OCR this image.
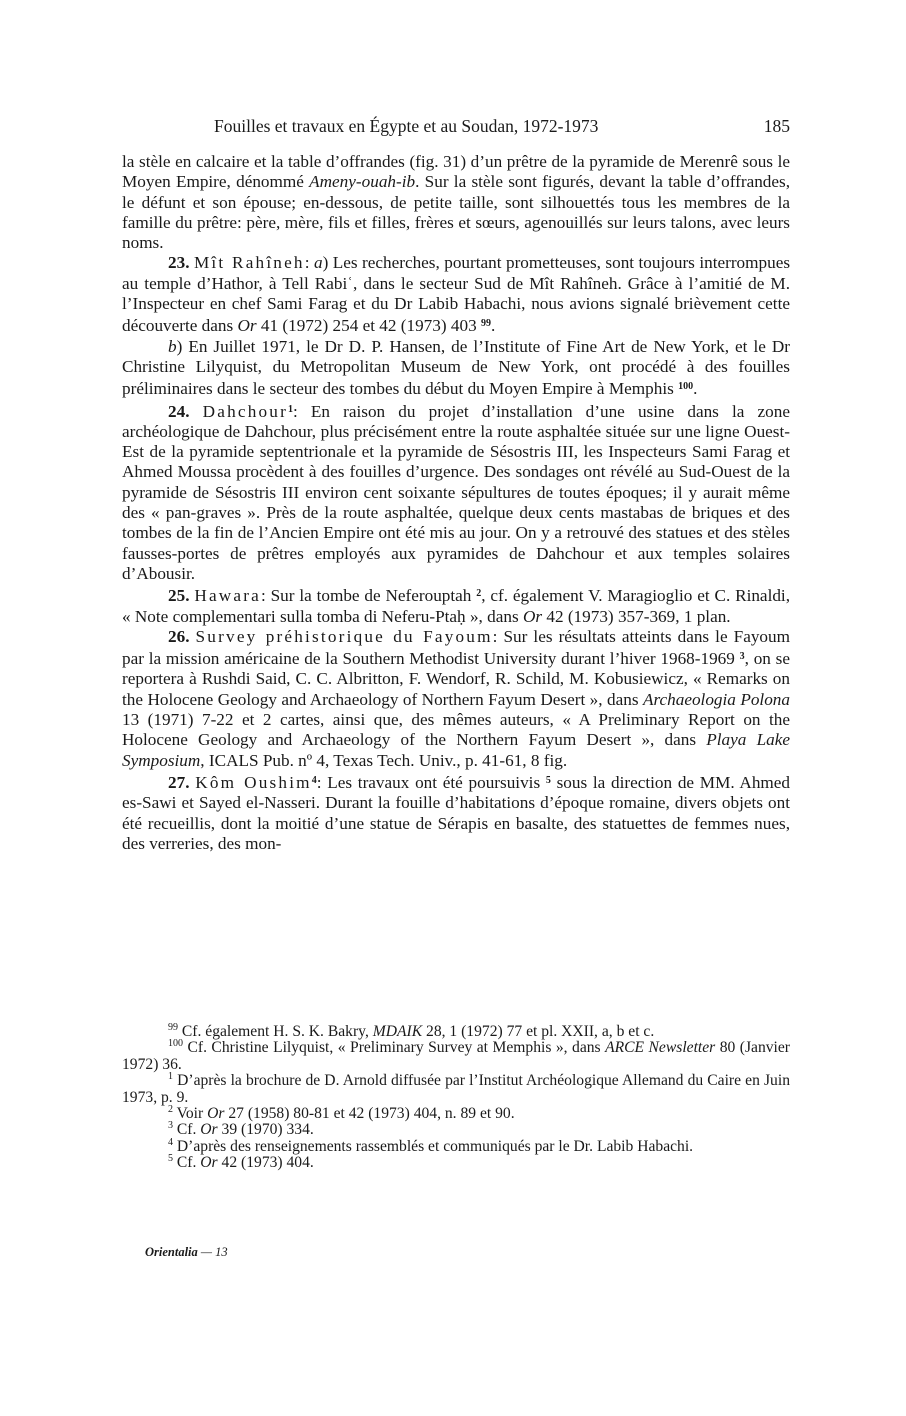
Fouilles et travaux en Égypte et au Soudan, 1972-1973	185

la stèle en calcaire et la table d’offrandes (fig. 31) d’un prêtre de la pyramide de Merenrê sous le Moyen Empire, dénommé Ameny-ouah-ib. Sur la stèle sont figurés, devant la table d’offrandes, le défunt et son épouse; en-dessous, de petite taille, sont silhouettés tous les membres de la famille du prêtre: père, mère, fils et filles, frères et sœurs, agenouillés sur leurs talons, avec leurs noms.

23. Mît Rahîneh: a) Les recherches, pourtant prometteuses, sont toujours interrompues au temple d’Hathor, à Tell Rabiʿ, dans le secteur Sud de Mît Rahîneh. Grâce à l’amitié de M. l’Inspecteur en chef Sami Farag et du Dr Labib Habachi, nous avions signalé brièvement cette découverte dans Or 41 (1972) 254 et 42 (1973) 403 $^{99}$.

b) En Juillet 1971, le Dr D. P. Hansen, de l’Institute of Fine Art de New York, et le Dr Christine Lilyquist, du Metropolitan Museum de New York, ont procédé à des fouilles préliminaires dans le secteur des tombes du début du Moyen Empire à Memphis $^{100}$.

24. Dahchour$^1$: En raison du projet d’installation d’une usine dans la zone archéologique de Dahchour, plus précisément entre la route asphaltée située sur une ligne Ouest-Est de la pyramide septentrionale et la pyramide de Sésostris III, les Inspecteurs Sami Farag et Ahmed Moussa procèdent à des fouilles d’urgence. Des sondages ont révélé au Sud-Ouest de la pyramide de Sésostris III environ cent soixante sépultures de toutes époques; il y aurait même des « pan-graves ». Près de la route asphaltée, quelque deux cents mastabas de briques et des tombes de la fin de l’Ancien Empire ont été mis au jour. On y a retrouvé des statues et des stèles fausses-portes de prêtres employés aux pyramides de Dahchour et aux temples solaires d’Abousir.

25. Hawara: Sur la tombe de Neferouptah $^2$, cf. également V. Maragioglio et C. Rinaldi, « Note complementari sulla tomba di Neferu-Ptaḥ », dans Or 42 (1973) 357-369, 1 plan.

26. Survey préhistorique du Fayoum: Sur les résultats atteints dans le Fayoum par la mission américaine de la Southern Methodist University durant l’hiver 1968-1969 $^3$, on se reportera à Rushdi Said, C. C. Albritton, F. Wendorf, R. Schild, M. Kobusiewicz, « Remarks on the Holocene Geology and Archaeology of Northern Fayum Desert », dans Archaeologia Polona 13 (1971) 7-22 et 2 cartes, ainsi que, des mêmes auteurs, « A Preliminary Report on the Holocene Geology and Archaeology of the Northern Fayum Desert », dans Playa Lake Symposium, ICALS Pub. nº 4, Texas Tech. Univ., p. 41-61, 8 fig.

27. Kôm Oushim$^4$: Les travaux ont été poursuivis $^5$ sous la direction de MM. Ahmed es-Sawi et Sayed el-Nasseri. Durant la fouille d’habitations d’époque romaine, divers objets ont été recueillis, dont la moitié d’une statue de Sérapis en basalte, des statuettes de femmes nues, des verreries, des mon-

$^{99}$ Cf. également H. S. K. Bakry, MDAIK 28, 1 (1972) 77 et pl. XXII, a, b et c.

$^{100}$ Cf. Christine Lilyquist, « Preliminary Survey at Memphis », dans ARCE Newsletter 80 (Janvier 1972) 36.

$^1$ D’après la brochure de D. Arnold diffusée par l’Institut Archéologique Allemand du Caire en Juin 1973, p. 9.

$^2$ Voir Or 27 (1958) 80-81 et 42 (1973) 404, n. 89 et 90.

$^3$ Cf. Or 39 (1970) 334.

$^4$ D’après des renseignements rassemblés et communiqués par le Dr. Labib Habachi.

$^5$ Cf. Or 42 (1973) 404.

Orientalia — 13
